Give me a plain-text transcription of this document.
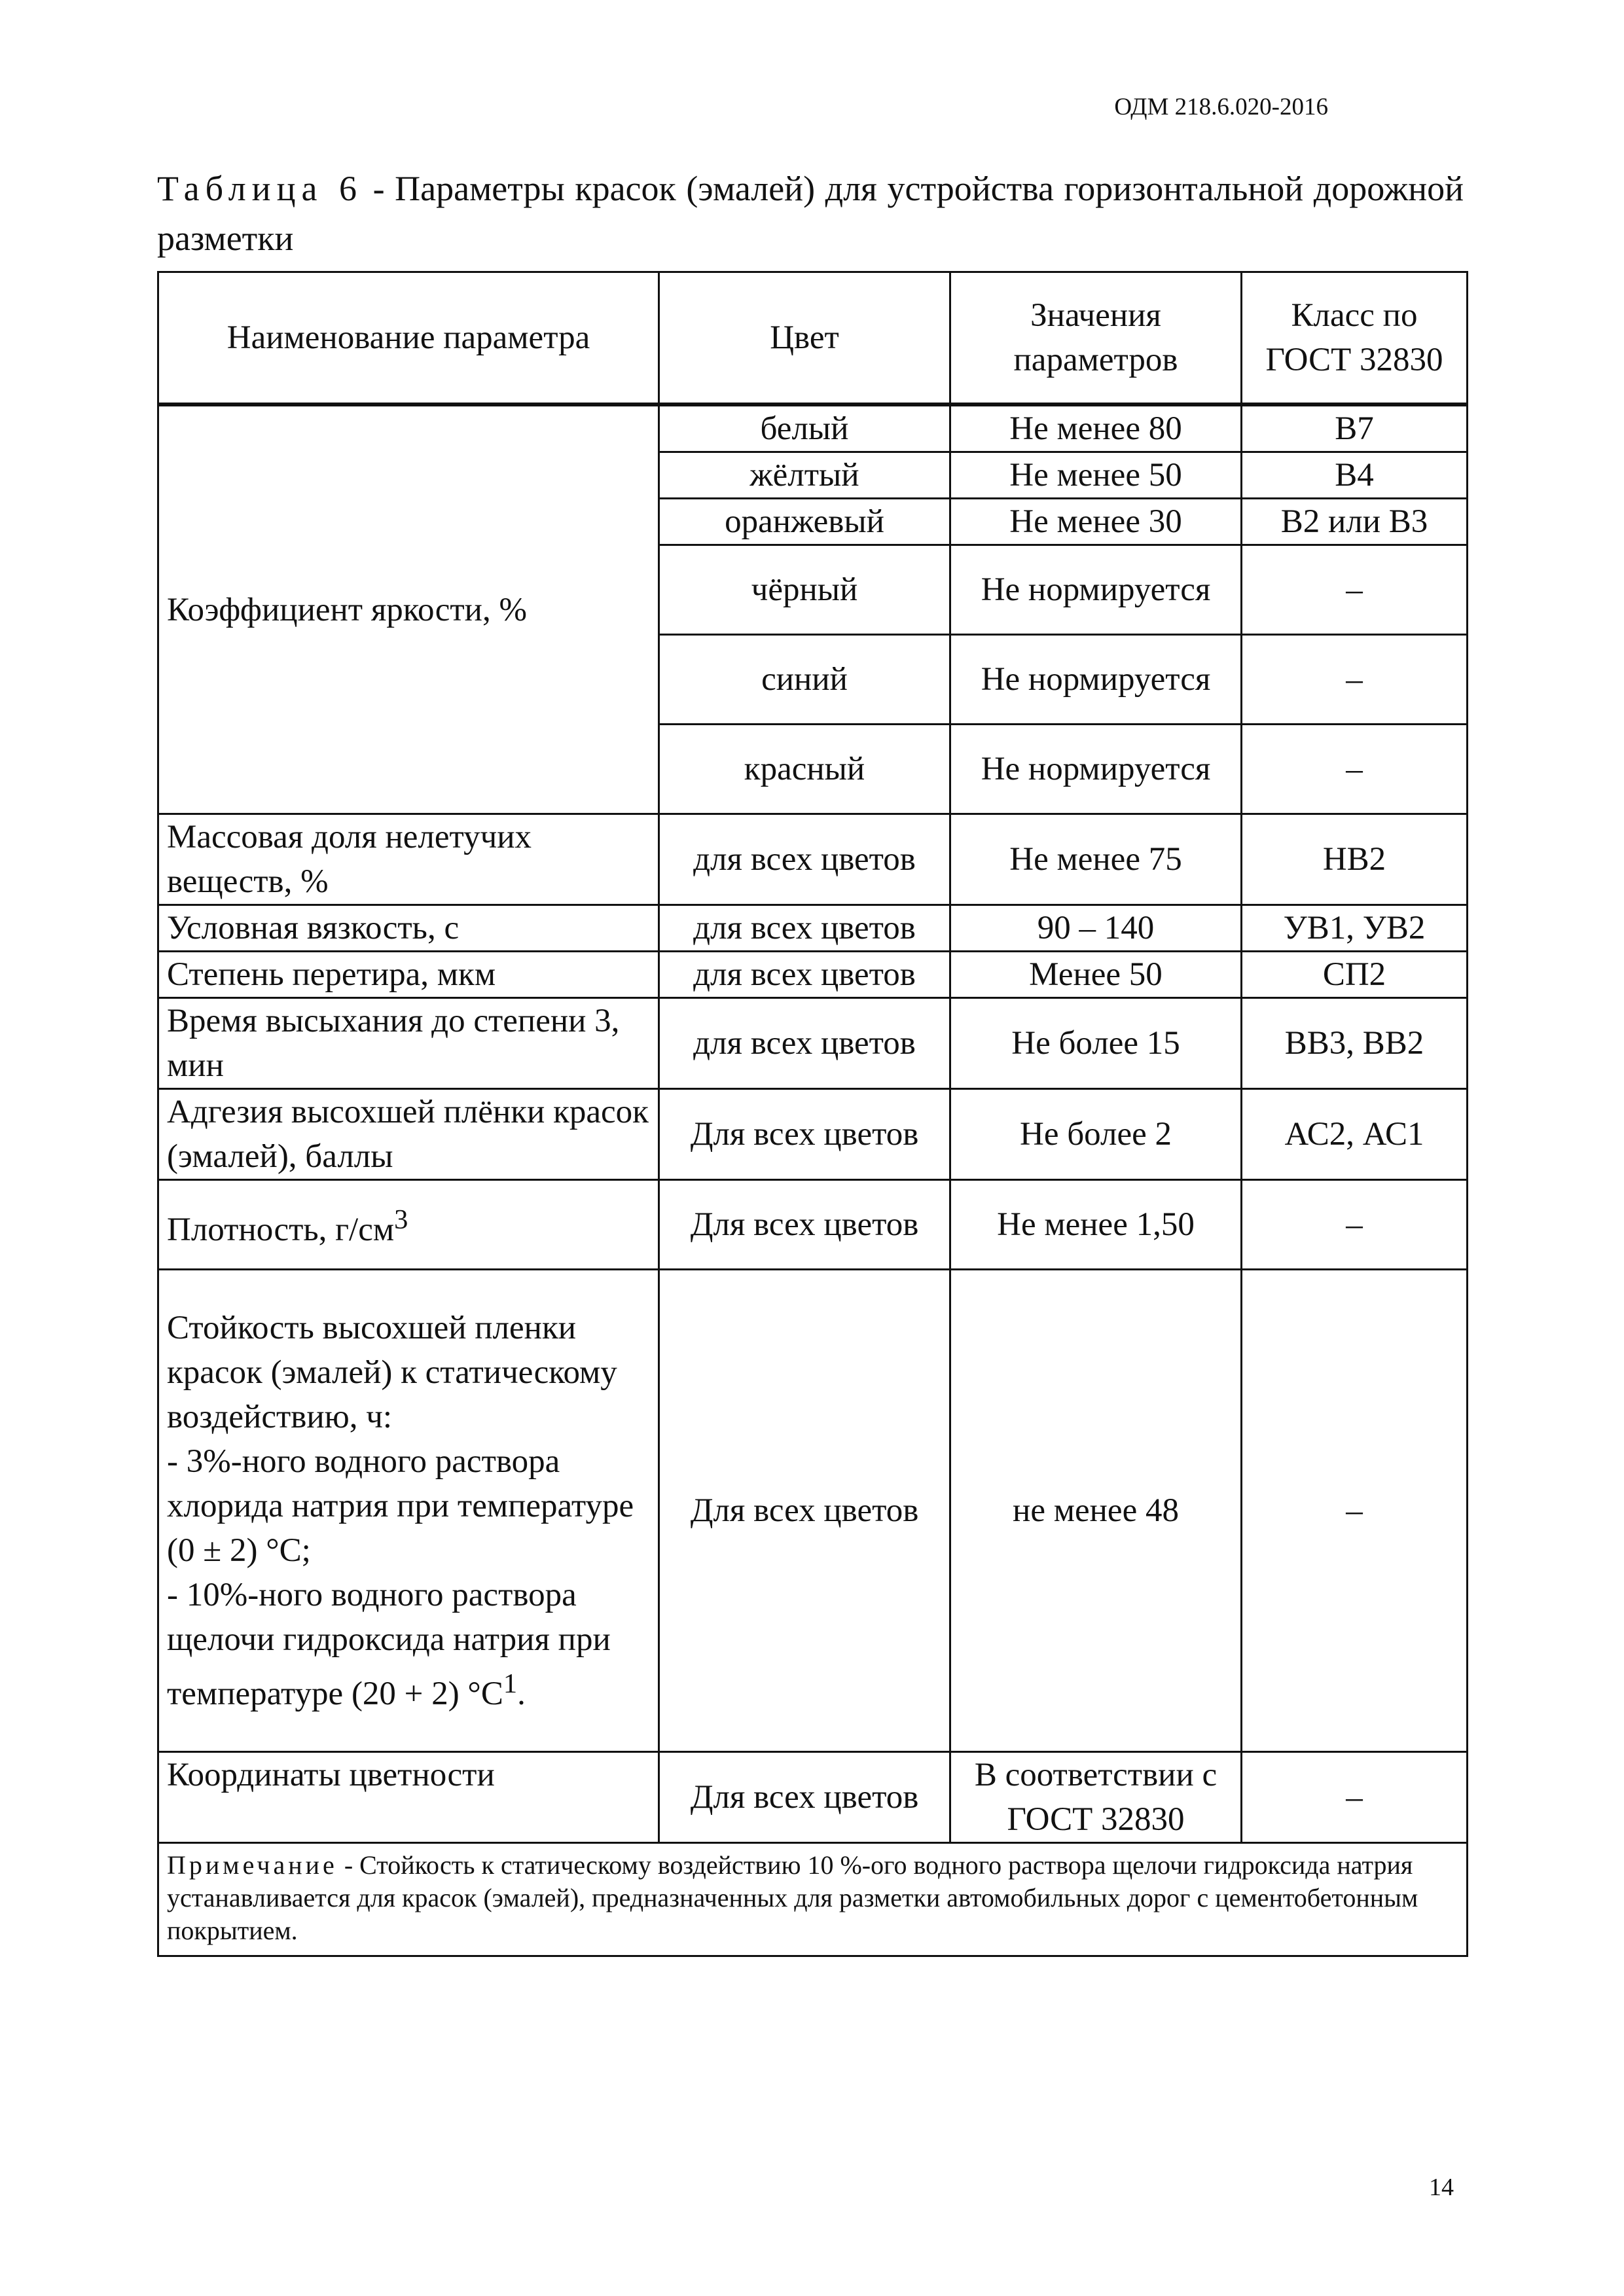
ОДМ 218.6.020-2016
Таблица 6 - Параметры красок (эмалей) для устройства горизонтальной дорожной разметки
Наименование параметра	Цвет	Значения параметров	Класс по ГОСТ 32830
Коэффициент яркости, %	белый	Не менее 80	B7
	жёлтый	Не менее 50	B4
	оранжевый	Не менее 30	B2 или B3
	чёрный	Не нормируется	–
	синий	Не нормируется	–
	красный	Не нормируется	–
Массовая доля нелетучих веществ, %	для всех цветов	Не менее 75	НВ2
Условная вязкость, с	для всех цветов	90 – 140	УВ1, УВ2
Степень перетира, мкм	для всех цветов	Менее 50	СП2
Время высыхания до степени 3, мин	для всех цветов	Не более 15	ВВ3, ВВ2
Адгезия высохшей плёнки красок (эмалей), баллы	Для всех цветов	Не более 2	АС2, АС1
Плотность, $г/см^3$	Для всех цветов	Не менее 1,50	–

Стойкость высохшей пленки красок (эмалей) к статическому воздействию, ч:
- 3%-ного водного раствора хлорида натрия при температуре (0 ± 2) °С;
- 10%-ного водного раствора щелочи гидроксида натрия при температуре (20 + 2) $^\circ С^1$.	Для всех цветов	не менее 48	–
Координаты цветности	Для всех цветов	В соответствии с ГОСТ 32830	–
Примечание - Стойкость к статическому воздействию 10 %-ого водного раствора щелочи гидроксида натрия устанавливается для красок (эмалей), предназначенных для разметки автомобильных дорог с цементобетонным покрытием.			
14
